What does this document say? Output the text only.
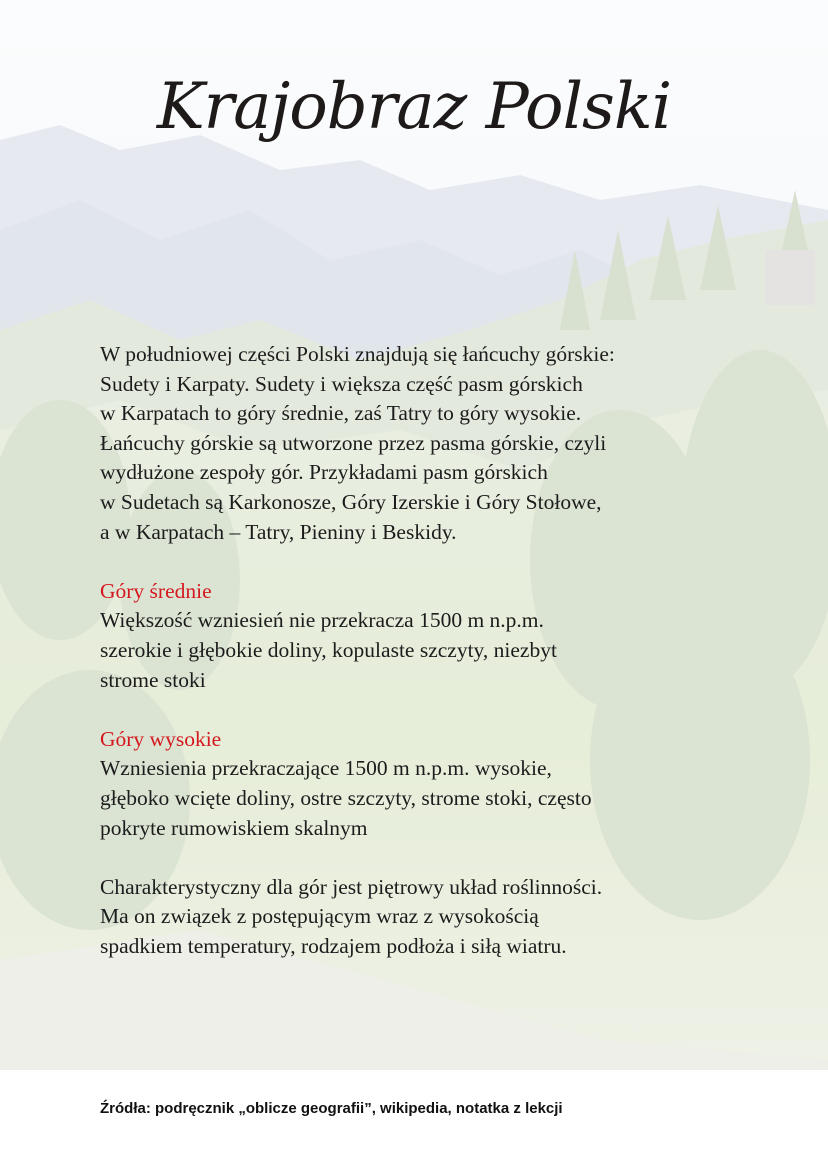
Krajobraz Polski

W południowej części Polski znajdują się łańcuchy górskie:
Sudety i Karpaty. Sudety i większa część pasm górskich
w Karpatach to góry średnie, zaś Tatry to góry wysokie.
Łańcuchy górskie są utworzone przez pasma górskie, czyli
wydłużone zespoły gór. Przykładami pasm górskich
w Sudetach są Karkonosze, Góry Izerskie i Góry Stołowe,
a w Karpatach – Tatry, Pieniny i Beskidy.

Góry średnie
Większość wzniesień nie przekracza 1500 m n.p.m.
szerokie i głębokie doliny, kopulaste szczyty, niezbyt
strome stoki

Góry wysokie
Wzniesienia przekraczające 1500 m n.p.m. wysokie,
głęboko wcięte doliny, ostre szczyty, strome stoki, często
pokryte rumowiskiem skalnym

Charakterystyczny dla gór jest piętrowy układ roślinności.
Ma on związek z postępującym wraz z wysokością
spadkiem temperatury, rodzajem podłoża i siłą wiatru.

Źródła: podręcznik „oblicze geografii”, wikipedia, notatka z lekcji
